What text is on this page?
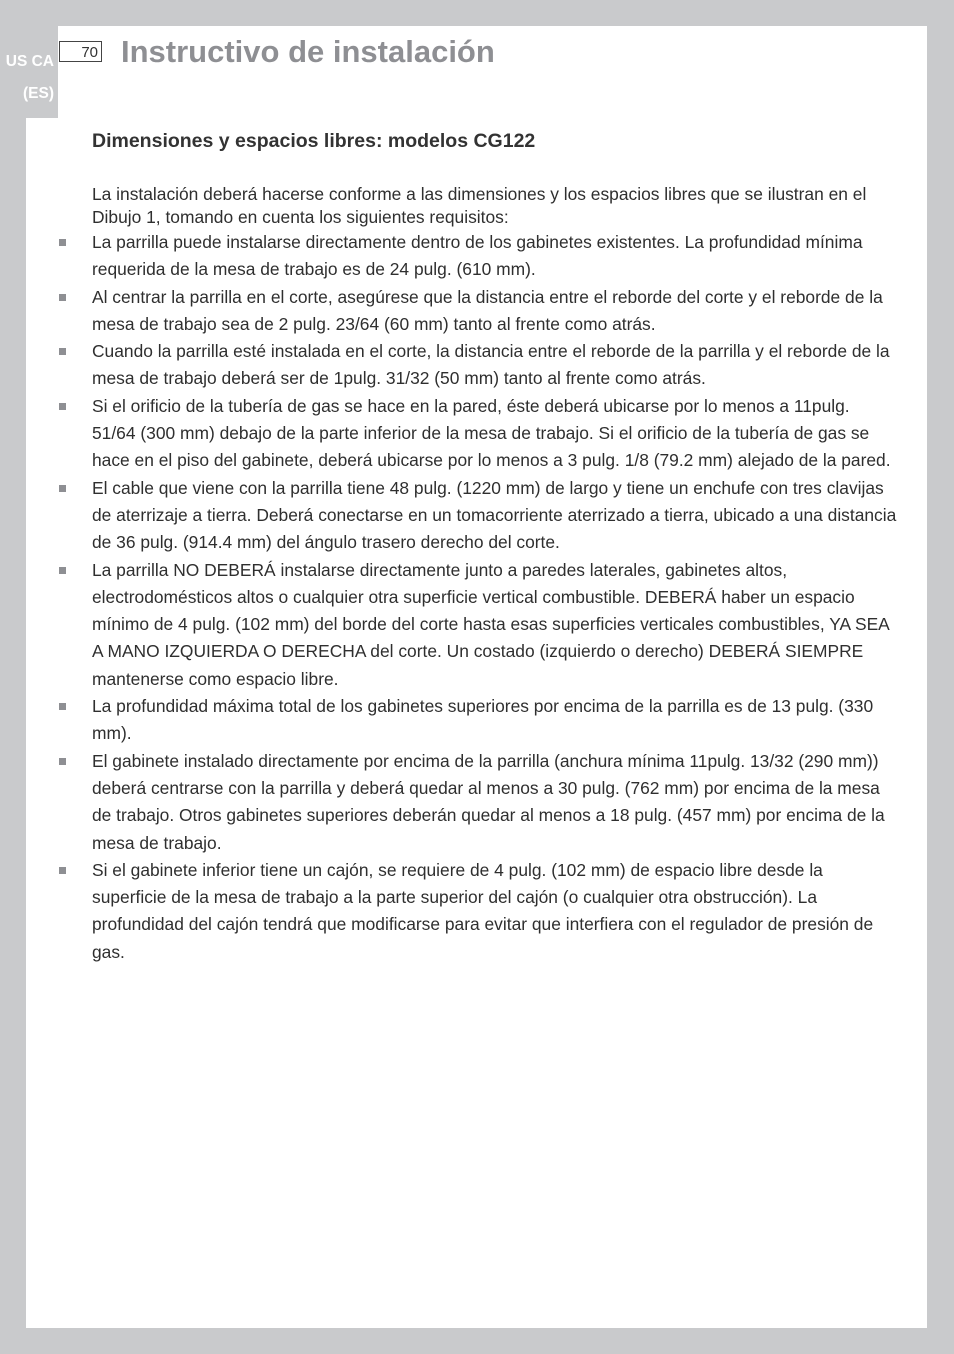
US CA
(ES)
70 Instructivo de instalación
Dimensiones y espacios libres: modelos CG122
La instalación deberá hacerse conforme a las dimensiones y los espacios libres que se ilustran en el Dibujo 1, tomando en cuenta los siguientes requisitos:
La parrilla puede instalarse directamente dentro de los gabinetes existentes. La profundidad mínima requerida de la mesa de trabajo es de 24 pulg. (610 mm).
Al centrar la parrilla en el corte, asegúrese que la distancia entre el reborde del corte y el reborde de la mesa de trabajo sea de 2 pulg. 23/64 (60 mm) tanto al frente como atrás.
Cuando la parrilla esté instalada en el corte, la distancia entre el reborde de la parrilla y el reborde de la mesa de trabajo deberá ser de 1pulg. 31/32 (50 mm) tanto al frente como atrás.
Si el orificio de la tubería de gas se hace en la pared, éste deberá ubicarse por lo menos a 11pulg. 51/64 (300 mm) debajo de la parte inferior de la mesa de trabajo. Si el orificio de la tubería de gas se hace en el piso del gabinete, deberá ubicarse por lo menos a 3 pulg. 1/8 (79.2 mm) alejado de la pared.
El cable que viene con la parrilla tiene 48 pulg. (1220 mm) de largo y tiene un enchufe con tres clavijas de aterrizaje a tierra. Deberá conectarse en un tomacorriente aterrizado a tierra, ubicado a una distancia de 36 pulg. (914.4 mm) del ángulo trasero derecho del corte.
La parrilla NO DEBERÁ instalarse directamente junto a paredes laterales, gabinetes altos, electrodomésticos altos o cualquier otra superficie vertical combustible. DEBERÁ haber un espacio mínimo de 4 pulg. (102 mm) del borde del corte hasta esas superficies verticales combustibles, YA SEA A MANO IZQUIERDA O DERECHA del corte. Un costado (izquierdo o derecho) DEBERÁ SIEMPRE mantenerse como espacio libre.
La profundidad máxima total de los gabinetes superiores por encima de la parrilla es de 13 pulg. (330 mm).
El gabinete instalado directamente por encima de la parrilla (anchura mínima 11pulg. 13/32 (290 mm)) deberá centrarse con la parrilla y deberá quedar al menos a 30 pulg. (762 mm) por encima de la mesa de trabajo. Otros gabinetes superiores deberán quedar al menos a 18 pulg. (457 mm) por encima de la mesa de trabajo.
Si el gabinete inferior tiene un cajón, se requiere de 4 pulg. (102 mm) de espacio libre desde la superficie de la mesa de trabajo a la parte superior del cajón (o cualquier otra obstrucción). La profundidad del cajón tendrá que modificarse para evitar que interfiera con el regulador de presión de gas.
